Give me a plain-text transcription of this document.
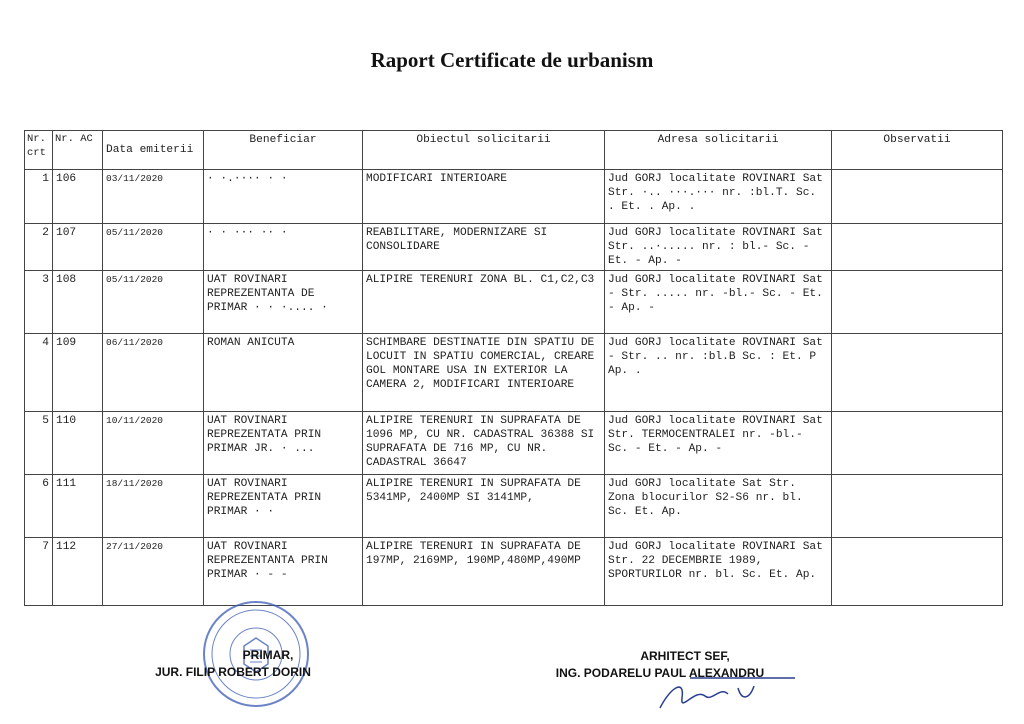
Raport Certificate de urbanism
Nr. crt	Nr. AC	Data emiterii	Beneficiar	Obiectul solicitarii	Adresa solicitarii	Observatii
1	106	03/11/2020	· ·.···· · ·	MODIFICARI INTERIOARE	Jud GORJ localitate ROVINARI Sat Str. ·.. ···.··· nr. :bl.T. Sc. . Et. . Ap. .	
2	107	05/11/2020	· · ··· ·· ·	REABILITARE, MODERNIZARE SI CONSOLIDARE	Jud GORJ localitate ROVINARI Sat Str. ..·..... nr. : bl.- Sc. - Et. - Ap. -	
3	108	05/11/2020	UAT ROVINARI REPREZENTANTA DE PRIMAR · · ·.... ·	ALIPIRE TERENURI ZONA BL. C1,C2,C3	Jud GORJ localitate ROVINARI Sat - Str. ..... nr. -bl.- Sc. - Et. - Ap. -	
4	109	06/11/2020	ROMAN ANICUTA	SCHIMBARE DESTINATIE DIN SPATIU DE LOCUIT IN SPATIU COMERCIAL, CREARE GOL MONTARE USA IN EXTERIOR LA CAMERA 2, MODIFICARI INTERIOARE	Jud GORJ localitate ROVINARI Sat - Str. .. nr. :bl.B Sc. : Et. P Ap. .	
5	110	10/11/2020	UAT ROVINARI REPREZENTATA PRIN PRIMAR JR. · ...	ALIPIRE TERENURI IN SUPRAFATA DE 1096 MP, CU NR. CADASTRAL 36388 SI SUPRAFATA DE 716 MP, CU NR. CADASTRAL 36647	Jud GORJ localitate ROVINARI Sat Str. TERMOCENTRALEI nr. -bl.- Sc. - Et. - Ap. -	
6	111	18/11/2020	UAT ROVINARI REPREZENTATA PRIN PRIMAR · ·	ALIPIRE TERENURI IN SUPRAFATA DE 5341MP, 2400MP SI 3141MP,	Jud GORJ localitate Sat Str. Zona blocurilor S2-S6 nr. bl. Sc. Et. Ap.	
7	112	27/11/2020	UAT ROVINARI REPREZENTANTA PRIN PRIMAR · - -	ALIPIRE TERENURI IN SUPRAFATA DE 197MP, 2169MP, 190MP,480MP,490MP	Jud GORJ localitate ROVINARI Sat Str. 22 DECEMBRIE 1989, SPORTURILOR nr. bl. Sc. Et. Ap.	
PRIMAR,
JUR. FILIP ROBERT DORIN
ARHITECT SEF,
ING. PODARELU PAUL ALEXANDRU
